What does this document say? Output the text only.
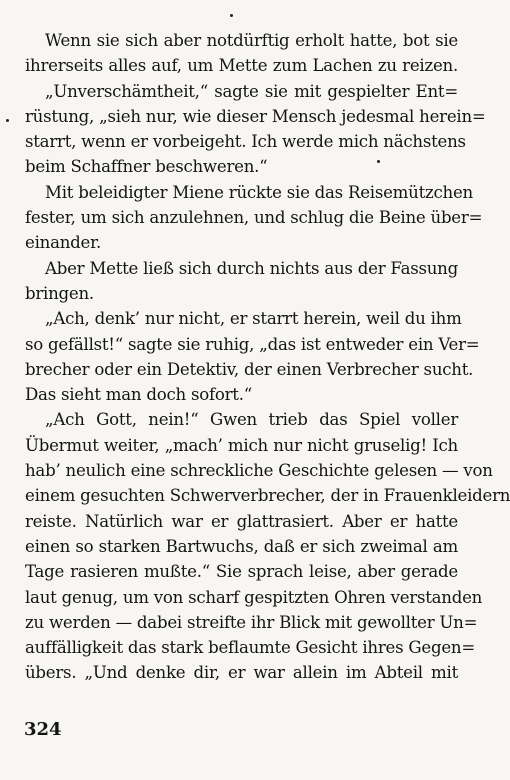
Wenn sie sich aber notdürftig erholt hatte, bot sie
ihrerseits alles auf, um Mette zum Lachen zu reizen.
„Unverschämtheit,“ sagte sie mit gespielter Ent=
rüstung, „sieh nur, wie dieser Mensch jedesmal herein=
starrt, wenn er vorbeigeht. Ich werde mich nächstens
beim Schaffner beschweren.“
Mit beleidigter Miene rückte sie das Reisemützchen
fester, um sich anzulehnen, und schlug die Beine über=
einander.
Aber Mette ließ sich durch nichts aus der Fassung
bringen.
„Ach, denk’ nur nicht, er starrt herein, weil du ihm
so gefällst!“ sagte sie ruhig, „das ist entweder ein Ver=
brecher oder ein Detektiv, der einen Verbrecher sucht.
Das sieht man doch sofort.“
„Ach Gott, nein!“ Gwen trieb das Spiel voller
Übermut weiter, „mach’ mich nur nicht gruselig! Ich
hab’ neulich eine schreckliche Geschichte gelesen — von
einem gesuchten Schwerverbrecher, der in Frauenkleidern
reiste. Natürlich war er glattrasiert. Aber er hatte
einen so starken Bartwuchs, daß er sich zweimal am
Tage rasieren mußte.“ Sie sprach leise, aber gerade
laut genug, um von scharf gespitzten Ohren verstanden
zu werden — dabei streifte ihr Blick mit gewollter Un=
auffälligkeit das stark beflaumte Gesicht ihres Gegen=
übers. „Und denke dir, er war allein im Abteil mit
324
